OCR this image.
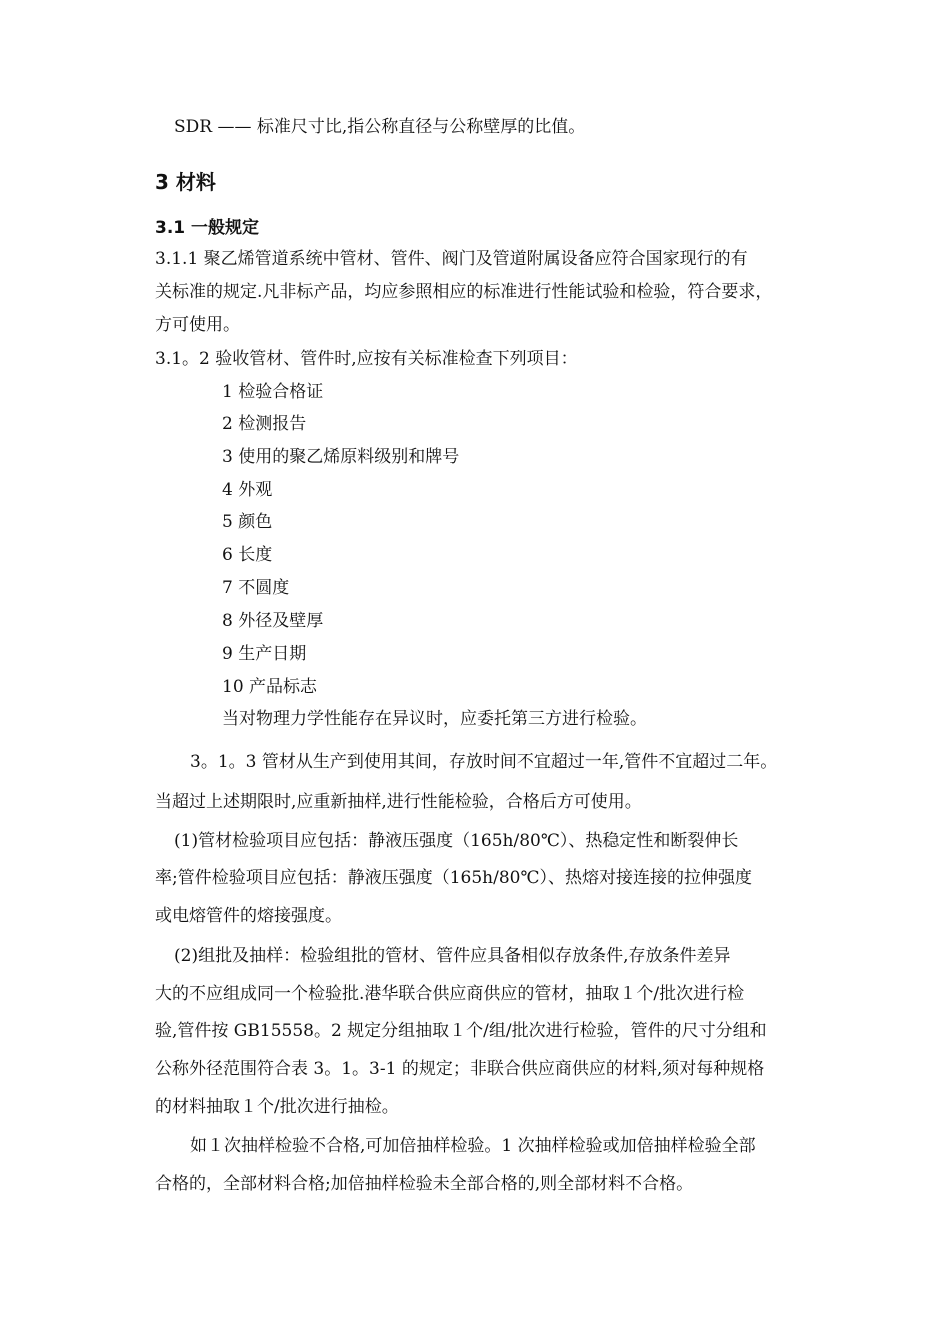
SDR —— 标准尺寸比,指公称直径与公称壁厚的比值。
3 材料
3.1 一般规定
3.1.1 聚乙烯管道系统中管材、管件、阀门及管道附属设备应符合国家现行的有
关标准的规定.凡非标产品，均应参照相应的标准进行性能试验和检验，符合要求，
方可使用。
3.1。2 验收管材、管件时,应按有关标准检查下列项目：
1 检验合格证
2 检测报告
3 使用的聚乙烯原料级别和牌号
4 外观
5 颜色
6 长度
7 不圆度
8 外径及壁厚
9 生产日期
10 产品标志
当对物理力学性能存在异议时，应委托第三方进行检验。
3。1。3 管材从生产到使用其间，存放时间不宜超过一年,管件不宜超过二年。
当超过上述期限时,应重新抽样,进行性能检验，合格后方可使用。
(1)管材检验项目应包括：静液压强度（165h/80℃）、热稳定性和断裂伸长
率;管件检验项目应包括：静液压强度（165h/80℃）、热熔对接连接的拉伸强度
或电熔管件的熔接强度。
(2)组批及抽样：检验组批的管材、管件应具备相似存放条件,存放条件差异
大的不应组成同一个检验批.港华联合供应商供应的管材，抽取１个/批次进行检
验,管件按 GB15558。2 规定分组抽取１个/组/批次进行检验，管件的尺寸分组和
公称外径范围符合表 3。1。3-1 的规定；非联合供应商供应的材料,须对每种规格
的材料抽取１个/批次进行抽检。
如１次抽样检验不合格,可加倍抽样检验。1 次抽样检验或加倍抽样检验全部
合格的，全部材料合格;加倍抽样检验未全部合格的,则全部材料不合格。
